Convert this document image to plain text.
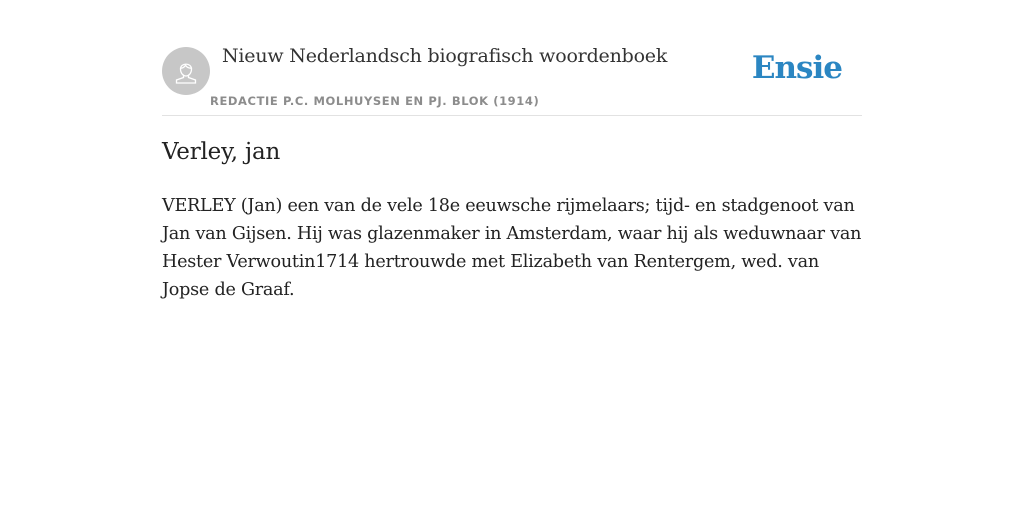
Nieuw Nederlandsch biografisch woordenboek
REDACTIE P.C. MOLHUYSEN EN PJ. BLOK (1914)
Ensie
Verley, jan

VERLEY (Jan) een van de vele 18e eeuwsche rijmelaars; tijd- en stadgenoot van Jan van Gijsen. Hij was glazenmaker in Amsterdam, waar hij als weduwnaar van Hester Verwoutin1714 hertrouwde met Elizabeth van Rentergem, wed. van Jopse de Graaf.
